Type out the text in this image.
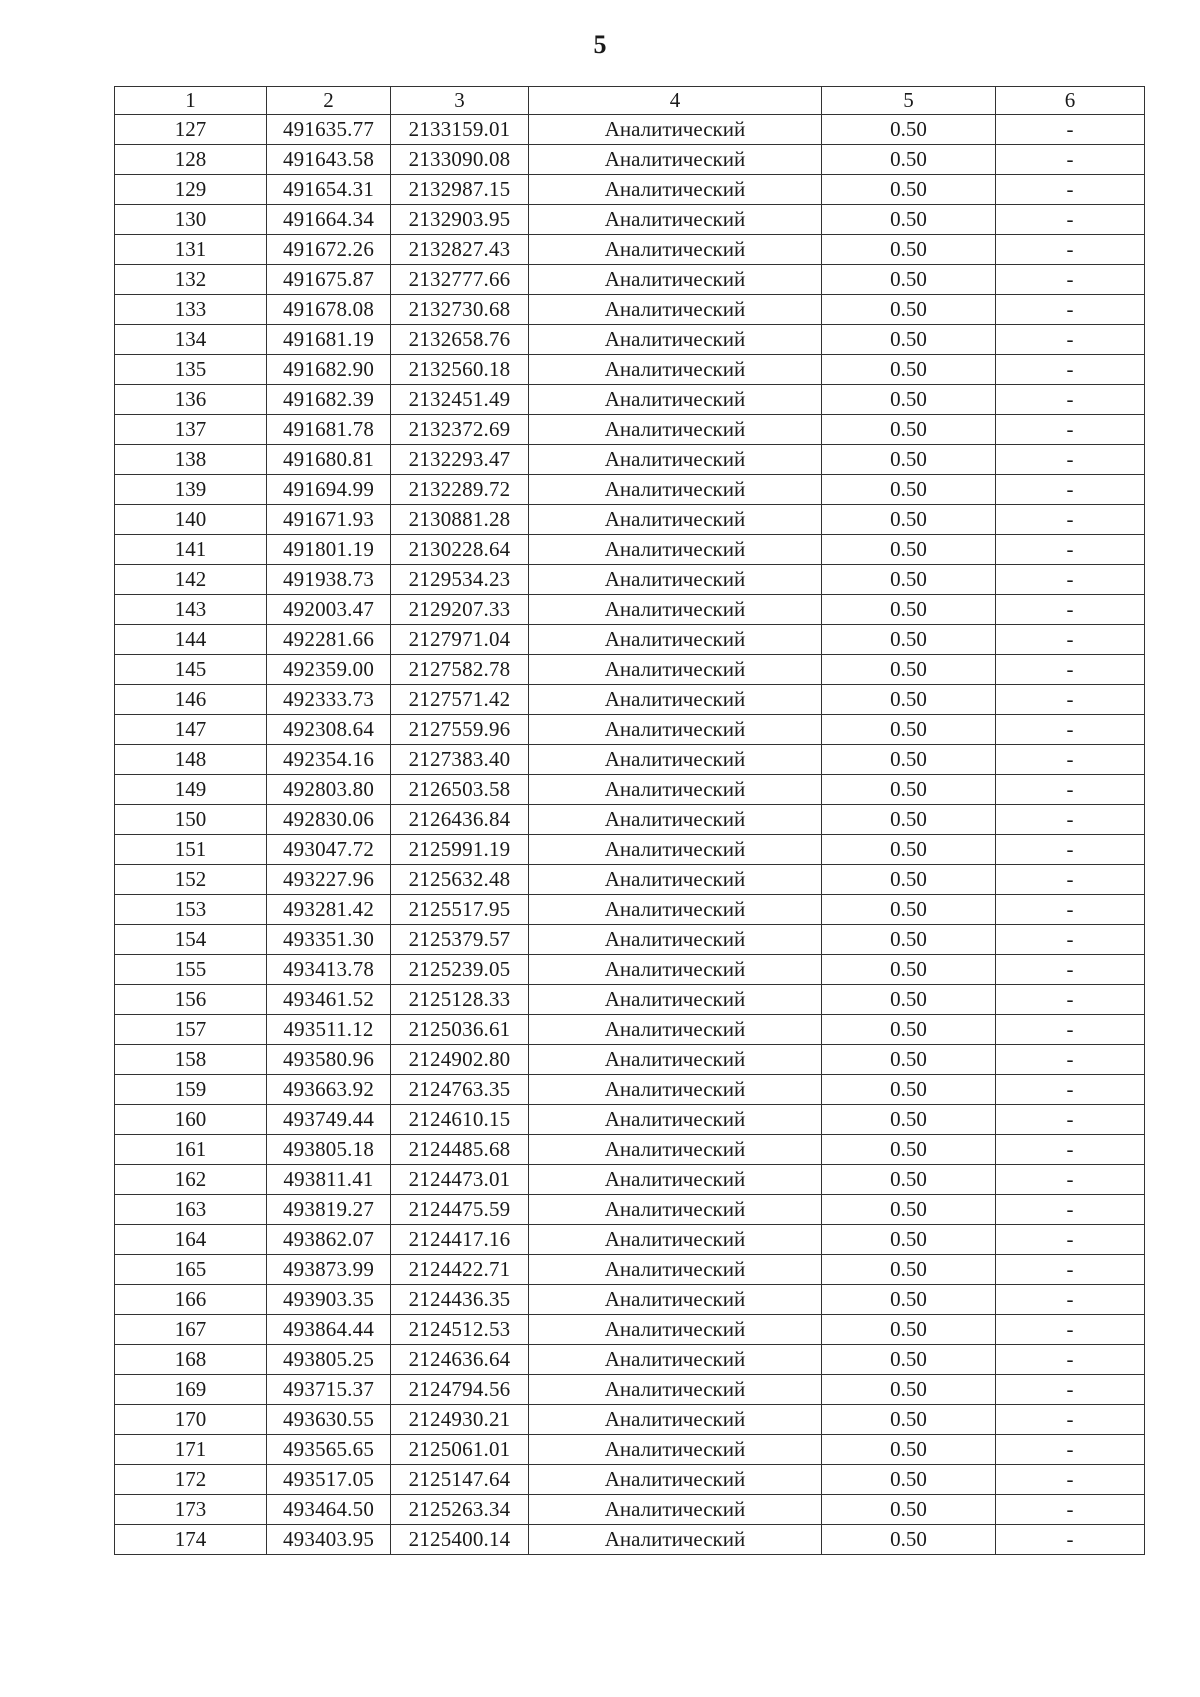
5
1	2	3	4	5	6
127	491635.77	2133159.01	Аналитический	0.50	-
128	491643.58	2133090.08	Аналитический	0.50	-
129	491654.31	2132987.15	Аналитический	0.50	-
130	491664.34	2132903.95	Аналитический	0.50	-
131	491672.26	2132827.43	Аналитический	0.50	-
132	491675.87	2132777.66	Аналитический	0.50	-
133	491678.08	2132730.68	Аналитический	0.50	-
134	491681.19	2132658.76	Аналитический	0.50	-
135	491682.90	2132560.18	Аналитический	0.50	-
136	491682.39	2132451.49	Аналитический	0.50	-
137	491681.78	2132372.69	Аналитический	0.50	-
138	491680.81	2132293.47	Аналитический	0.50	-
139	491694.99	2132289.72	Аналитический	0.50	-
140	491671.93	2130881.28	Аналитический	0.50	-
141	491801.19	2130228.64	Аналитический	0.50	-
142	491938.73	2129534.23	Аналитический	0.50	-
143	492003.47	2129207.33	Аналитический	0.50	-
144	492281.66	2127971.04	Аналитический	0.50	-
145	492359.00	2127582.78	Аналитический	0.50	-
146	492333.73	2127571.42	Аналитический	0.50	-
147	492308.64	2127559.96	Аналитический	0.50	-
148	492354.16	2127383.40	Аналитический	0.50	-
149	492803.80	2126503.58	Аналитический	0.50	-
150	492830.06	2126436.84	Аналитический	0.50	-
151	493047.72	2125991.19	Аналитический	0.50	-
152	493227.96	2125632.48	Аналитический	0.50	-
153	493281.42	2125517.95	Аналитический	0.50	-
154	493351.30	2125379.57	Аналитический	0.50	-
155	493413.78	2125239.05	Аналитический	0.50	-
156	493461.52	2125128.33	Аналитический	0.50	-
157	493511.12	2125036.61	Аналитический	0.50	-
158	493580.96	2124902.80	Аналитический	0.50	-
159	493663.92	2124763.35	Аналитический	0.50	-
160	493749.44	2124610.15	Аналитический	0.50	-
161	493805.18	2124485.68	Аналитический	0.50	-
162	493811.41	2124473.01	Аналитический	0.50	-
163	493819.27	2124475.59	Аналитический	0.50	-
164	493862.07	2124417.16	Аналитический	0.50	-
165	493873.99	2124422.71	Аналитический	0.50	-
166	493903.35	2124436.35	Аналитический	0.50	-
167	493864.44	2124512.53	Аналитический	0.50	-
168	493805.25	2124636.64	Аналитический	0.50	-
169	493715.37	2124794.56	Аналитический	0.50	-
170	493630.55	2124930.21	Аналитический	0.50	-
171	493565.65	2125061.01	Аналитический	0.50	-
172	493517.05	2125147.64	Аналитический	0.50	-
173	493464.50	2125263.34	Аналитический	0.50	-
174	493403.95	2125400.14	Аналитический	0.50	-
